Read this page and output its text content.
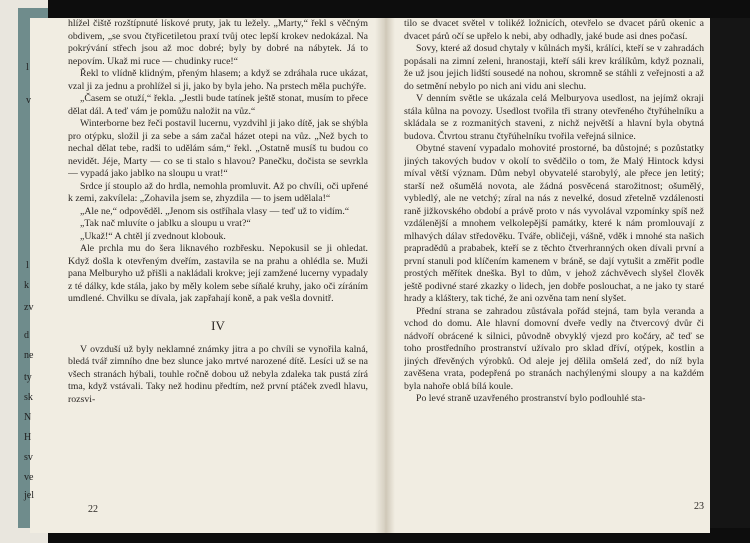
hlížel čiště rozštípnuté lískové pruty, jak tu ležely. „Marty,“ řekl s věčným obdivem, „se svou čtyřicetiletou praxí tvůj otec lepší krokev nedokázal. Na pokrývání střech jsou až moc dobré; byly by dobré na nábytek. Já to nepovím. Ukaž mi ruce — chudinky ruce!“

Řekl to vlídně klidným, přeným hlasem; a když se zdráhala ruce ukázat, vzal ji za jednu a prohlížel si ji, jako by byla jeho. Na prstech měla puchýře.

„Časem se otuží,“ řekla. „Jestli bude tatínek ještě stonat, musím to přece dělat dál. A teď vám je pomůžu naložit na vůz.“

Winterborne bez řeči postavil lucernu, vyzdvihl ji jako dítě, jak se shýbla pro otýpku, složil ji za sebe a sám začal házet otepi na vůz. „Než bych to nechal dělat tebe, radši to udělám sám,“ řekl. „Ostatně musíš tu budou co nevidět. Jéje, Marty — co se ti stalo s hlavou? Panečku, dočista se sevrkla — vypadá jako jablko na sloupu u vrat!“

Srdce jí stouplo až do hrdla, nemohla promluvit. Až po chvíli, oči upřené k zemi, zakvílela: „Zohavila jsem se, zhyzdila — to jsem udělala!“

„Ale ne,“ odpověděl. „Jenom sis ostříhala vlasy — teď už to vidím.“

„Tak nač mluvíte o jablku a sloupu u vrat?“

„Ukaž!“ A chtěl jí zvednout klobouk.

Ale prchla mu do šera liknavého rozbřesku. Nepokusil se ji ohledat. Když došla k otevřeným dveřím, zastavila se na prahu a ohlédla se. Muži pana Melburyho už přišli a nakládali krokve; její zamžené lucerny vypadaly z té dálky, kde stála, jako by měly kolem sebe síňalé kruhy, jako oči zíráním umdlené. Chvilku se dívala, jak zapřahají koně, a pak vešla dovnitř.

IV

V ovzduší už byly neklamné známky jitra a po chvíli se vynořila kalná, bledá tvář zimního dne bez slunce jako mrtvé narozené dítě. Lesíci už se na všech stranách hýbali, touhle ročně dobou už nebyla zdaleka tak pustá zírá tma, když vstávali. Taky než hodinu předtím, než první ptáček zvedl hlavu, rozsvi-

22

tilo se dvacet světel v tolikéž ložnicích, otevřelo se dvacet párů okenic a dvacet párů očí se upřelo k nebi, aby odhadly, jaké bude asi dnes počasí.

Sovy, které až dosud chytaly v kůlnách myši, králíci, kteří se v zahradách popásali na zimní zeleni, hranostaji, kteří sáli krev králíkům, když poznali, že už jsou jejich lidští sousedé na nohou, skromně se stáhli z veřejnosti a až do setmění nebylo po nich ani vidu ani slechu.

V denním světle se ukázala celá Melburyova usedlost, na jejímž okraji stála kůlna na povozy. Usedlost tvořila tři strany otevřeného čtyřúhelníku a skládala se z rozmanitých staveni, z nichž největší a hlavní byla obytná budova. Čtvrtou stranu čtyřúhelníku tvořila veřejná silnice.

Obytné stavení vypadalo mohovité prostorné, ba důstojné; s pozůstatky jiných takových budov v okolí to svědčilo o tom, že Malý Hintock kdysi míval větší význam. Dům nebyl obyvatelé starobylý, ale přece jen letitý; starší než ošumělá novota, ale žádná posvěcená starožitnost; ošumělý, vybledlý, ale ne vetchý; zíral na nás z nevelké, dosud zřetelně vzdálenosti raně jižkovského období a právě proto v nás vyvolával vzpomínky spíš než vzdálenější a mnohem velkolepější památky, které k nám promlouvají z mlhavých dálav středověku. Tváře, obličeji, vášně, vděk i mnohé sta našich prapradědů a prababek, kteří se z těchto čtverhranných oken dívali první a první stanuli pod klíčením kamenem v bráně, se dají vytušit a změřit podle prostých měřítek dneška. Byl to dům, v jehož záchvěvech slyšel člověk ještě podivné staré zkazky o lidech, jen dobře poslouchat, a ne jako ty staré hrady a kláštery, tak tiché, že ani ozvěna tam není slyšet.

Přední strana se zahradou zůstávala pořád stejná, tam byla veranda a vchod do domu. Ale hlavní domovní dveře vedly na čtvercový dvůr či nádvoří obrácené k silnici, původně obvyklý vjezd pro kočáry, ač teď se toho prostředního prostranství užívalo pro sklad dříví, otýpek, kostlin a jiných dřevěných výrobků. Od aleje jej dělila omšelá zeď, do níž byla zavěšena vrata, podepřená po stranách nachýlenými sloupy a na každém byla nahoře oblá bílá koule.

Po levé straně uzavřeného prostranství bylo podlouhlé sta-

23
l
v
l
k
zv
d
ne
ty
sk
N
H
sv
ve
jel
